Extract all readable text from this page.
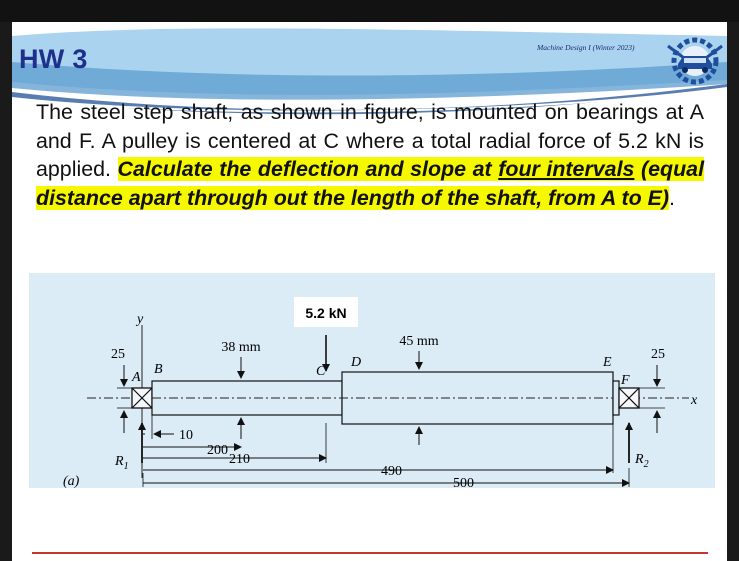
HW 3	Machine Design I (Winter 2023)
The steel step shaft, as shown in figure, is mounted on bearings at A and F. A pulley is centered at C where a total radial force of 5.2 kN is applied. Calculate the deflection and slope at four intervals (equal distance apart through out the length of the shaft, from A to E).
5.2 kN
x
y
A
B	C
D	E
F
25	38 mm	45 mm
25
$R_1$	$R_2$
10
200
210
490
500
(a)
